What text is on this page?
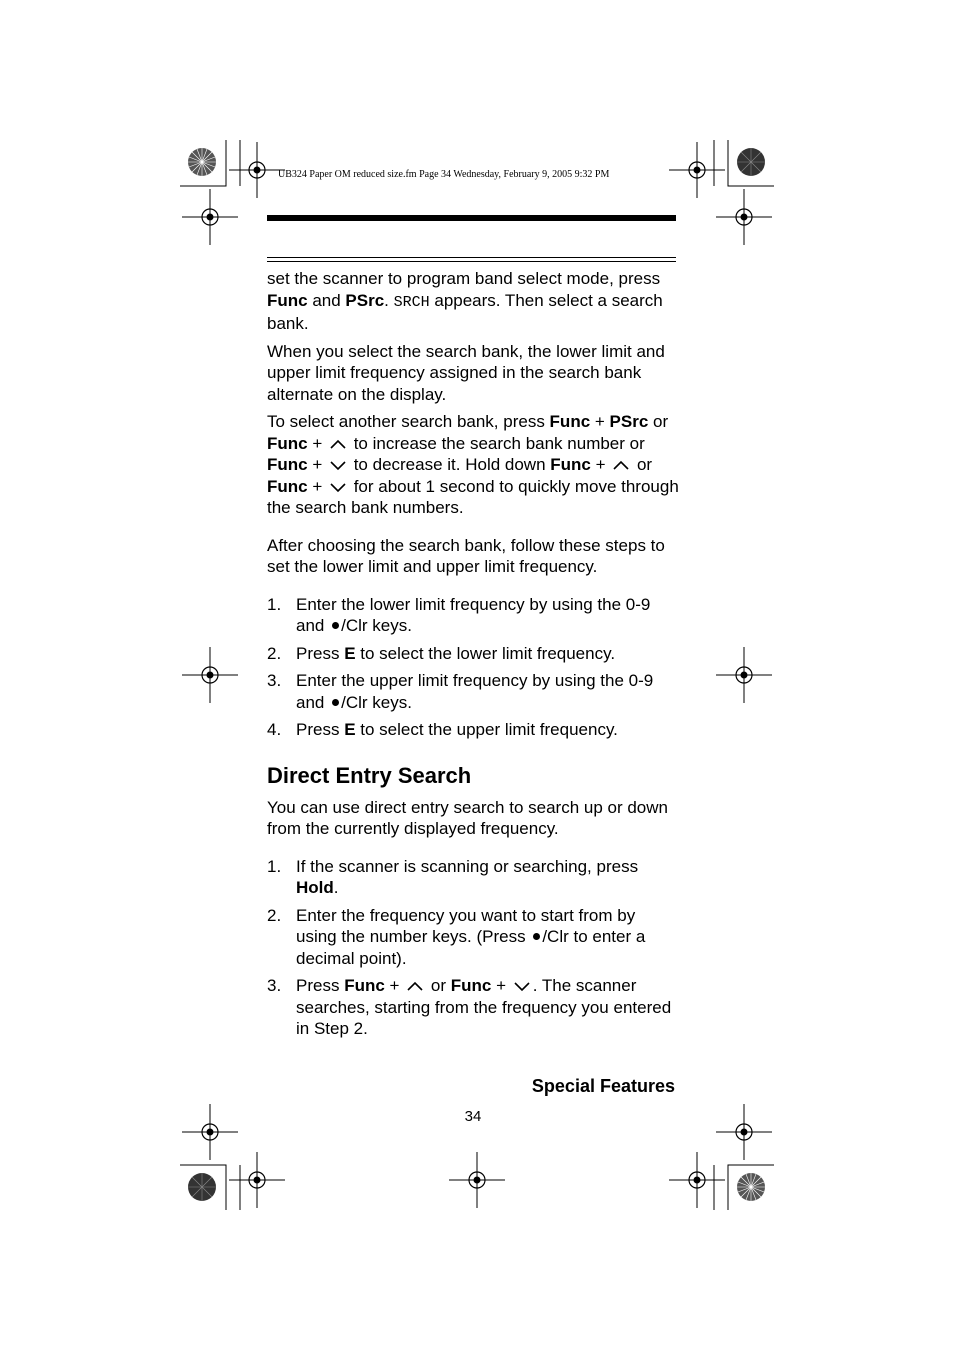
UB324 Paper OM reduced size.fm Page 34 Wednesday, February 9, 2005 9:32 PM

set the scanner to program band select mode, press Func and PSrc. SRCH appears. Then select a search bank.

When you select the search bank, the lower limit and upper limit frequency assigned in the search bank alternate on the display.

To select another search bank, press Func + PSrc or Func +  to increase the search bank number or Func +  to decrease it. Hold down Func +  or Func +  for about 1 second to quickly move through the search bank numbers.

After choosing the search bank, follow these steps to set the lower limit and upper limit frequency.

1. Enter the lower limit frequency by using the 0-9 and /Clr keys.
2. Press E to select the lower limit frequency.
3. Enter the upper limit frequency by using the 0-9 and /Clr keys.
4. Press E to select the upper limit frequency.
Direct Entry Search

You can use direct entry search to search up or down from the currently displayed frequency.

1. If the scanner is scanning or searching, press Hold.
2. Enter the frequency you want to start from by using the number keys. (Press /Clr to enter a decimal point).
3. Press Func +  or Func + . The scanner searches, starting from the frequency you entered in Step 2.
Special Features
34
